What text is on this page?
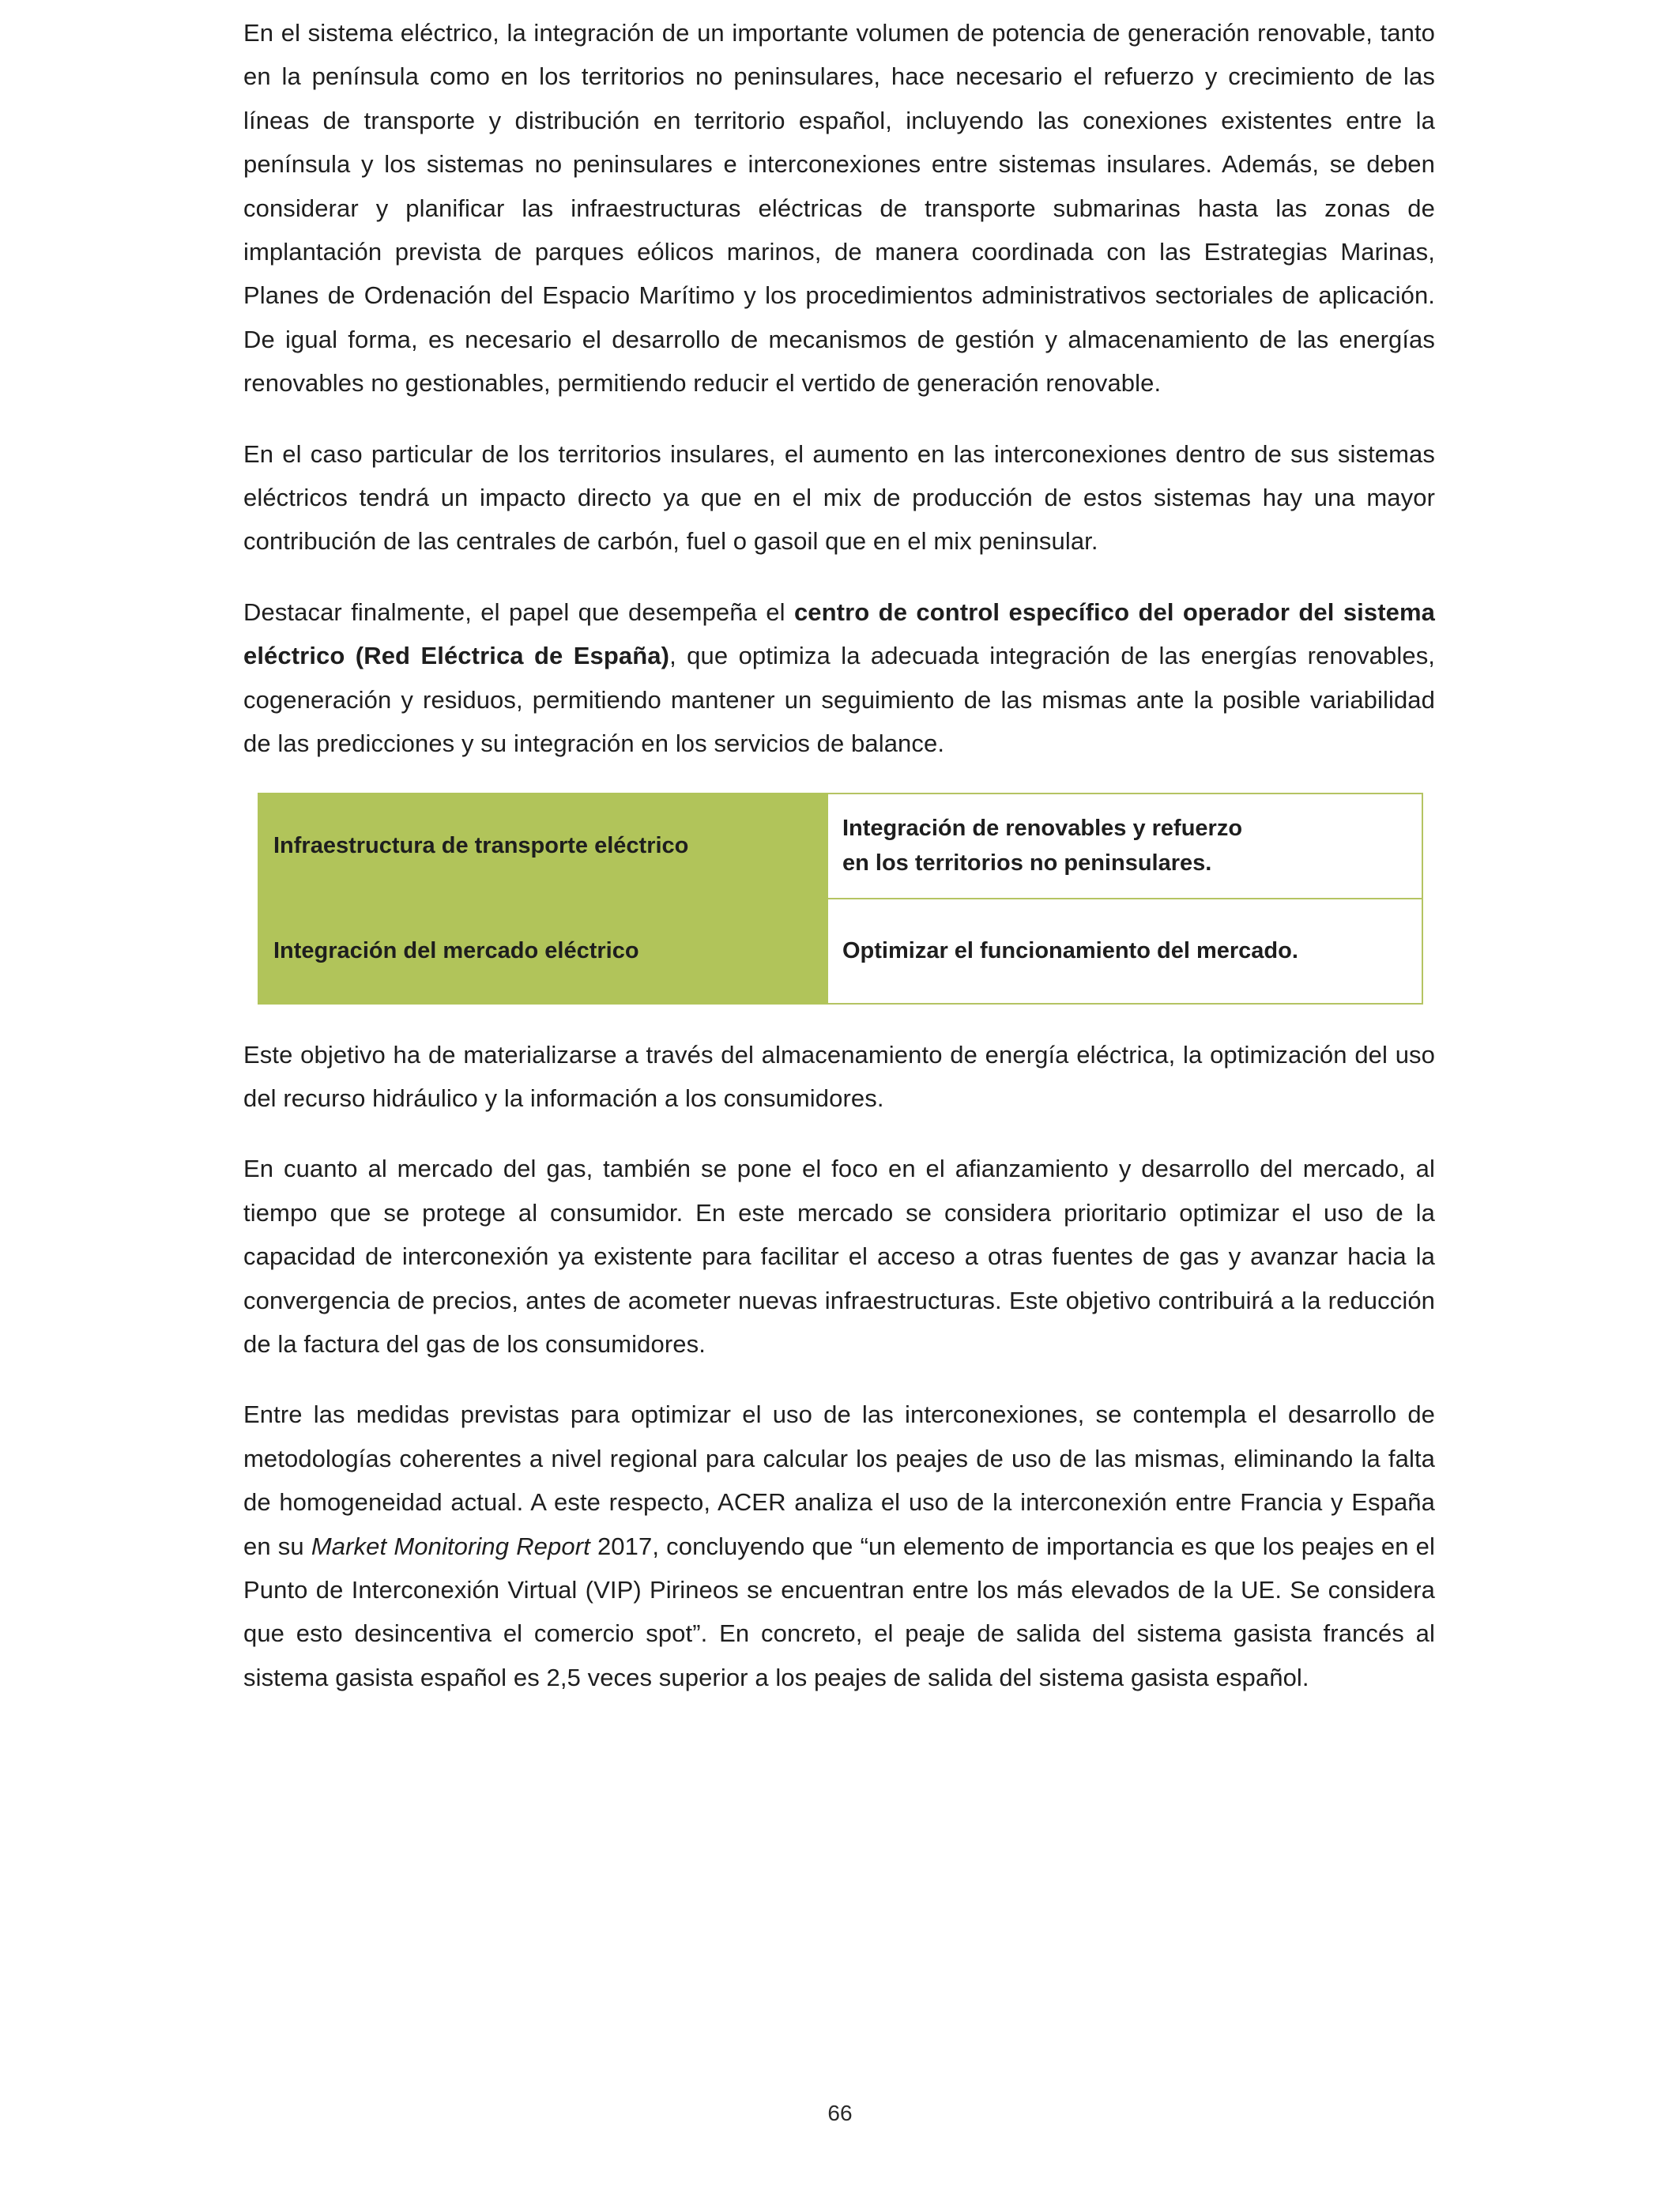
En el sistema eléctrico, la integración de un importante volumen de potencia de generación renovable, tanto en la península como en los territorios no peninsulares, hace necesario el refuerzo y crecimiento de las líneas de transporte y distribución en territorio español, incluyendo las conexiones existentes entre la península y los sistemas no peninsulares e interconexiones entre sistemas insulares. Además, se deben considerar y planificar las infraestructuras eléctricas de transporte submarinas hasta las zonas de implantación prevista de parques eólicos marinos, de manera coordinada con las Estrategias Marinas, Planes de Ordenación del Espacio Marítimo y los procedimientos administrativos sectoriales de aplicación. De igual forma, es necesario el desarrollo de mecanismos de gestión y almacenamiento de las energías renovables no gestionables, permitiendo reducir el vertido de generación renovable.

En el caso particular de los territorios insulares, el aumento en las interconexiones dentro de sus sistemas eléctricos tendrá un impacto directo ya que en el mix de producción de estos sistemas hay una mayor contribución de las centrales de carbón, fuel o gasoil que en el mix peninsular.

Destacar finalmente, el papel que desempeña el centro de control específico del operador del sistema eléctrico (Red Eléctrica de España), que optimiza la adecuada integración de las energías renovables, cogeneración y residuos, permitiendo mantener un seguimiento de las mismas ante la posible variabilidad de las predicciones y su integración en los servicios de balance.

Infraestructura de transporte eléctrico	Integración de renovables y refuerzo
en los territorios no peninsulares.
Integración del mercado eléctrico	Optimizar el funcionamiento del mercado.

Este objetivo ha de materializarse a través del almacenamiento de energía eléctrica, la optimización del uso del recurso hidráulico y la información a los consumidores.

En cuanto al mercado del gas, también se pone el foco en el afianzamiento y desarrollo del mercado, al tiempo que se protege al consumidor. En este mercado se considera prioritario optimizar el uso de la capacidad de interconexión ya existente para facilitar el acceso a otras fuentes de gas y avanzar hacia la convergencia de precios, antes de acometer nuevas infraestructuras. Este objetivo contribuirá a la reducción de la factura del gas de los consumidores.

Entre las medidas previstas para optimizar el uso de las interconexiones, se contempla el desarrollo de metodologías coherentes a nivel regional para calcular los peajes de uso de las mismas, eliminando la falta de homogeneidad actual. A este respecto, ACER analiza el uso de la interconexión entre Francia y España en su Market Monitoring Report 2017, concluyendo que “un elemento de importancia es que los peajes en el Punto de Interconexión Virtual (VIP) Pirineos se encuentran entre los más elevados de la UE. Se considera que esto desincentiva el comercio spot”. En concreto, el peaje de salida del sistema gasista francés al sistema gasista español es 2,5 veces superior a los peajes de salida del sistema gasista español.

66
